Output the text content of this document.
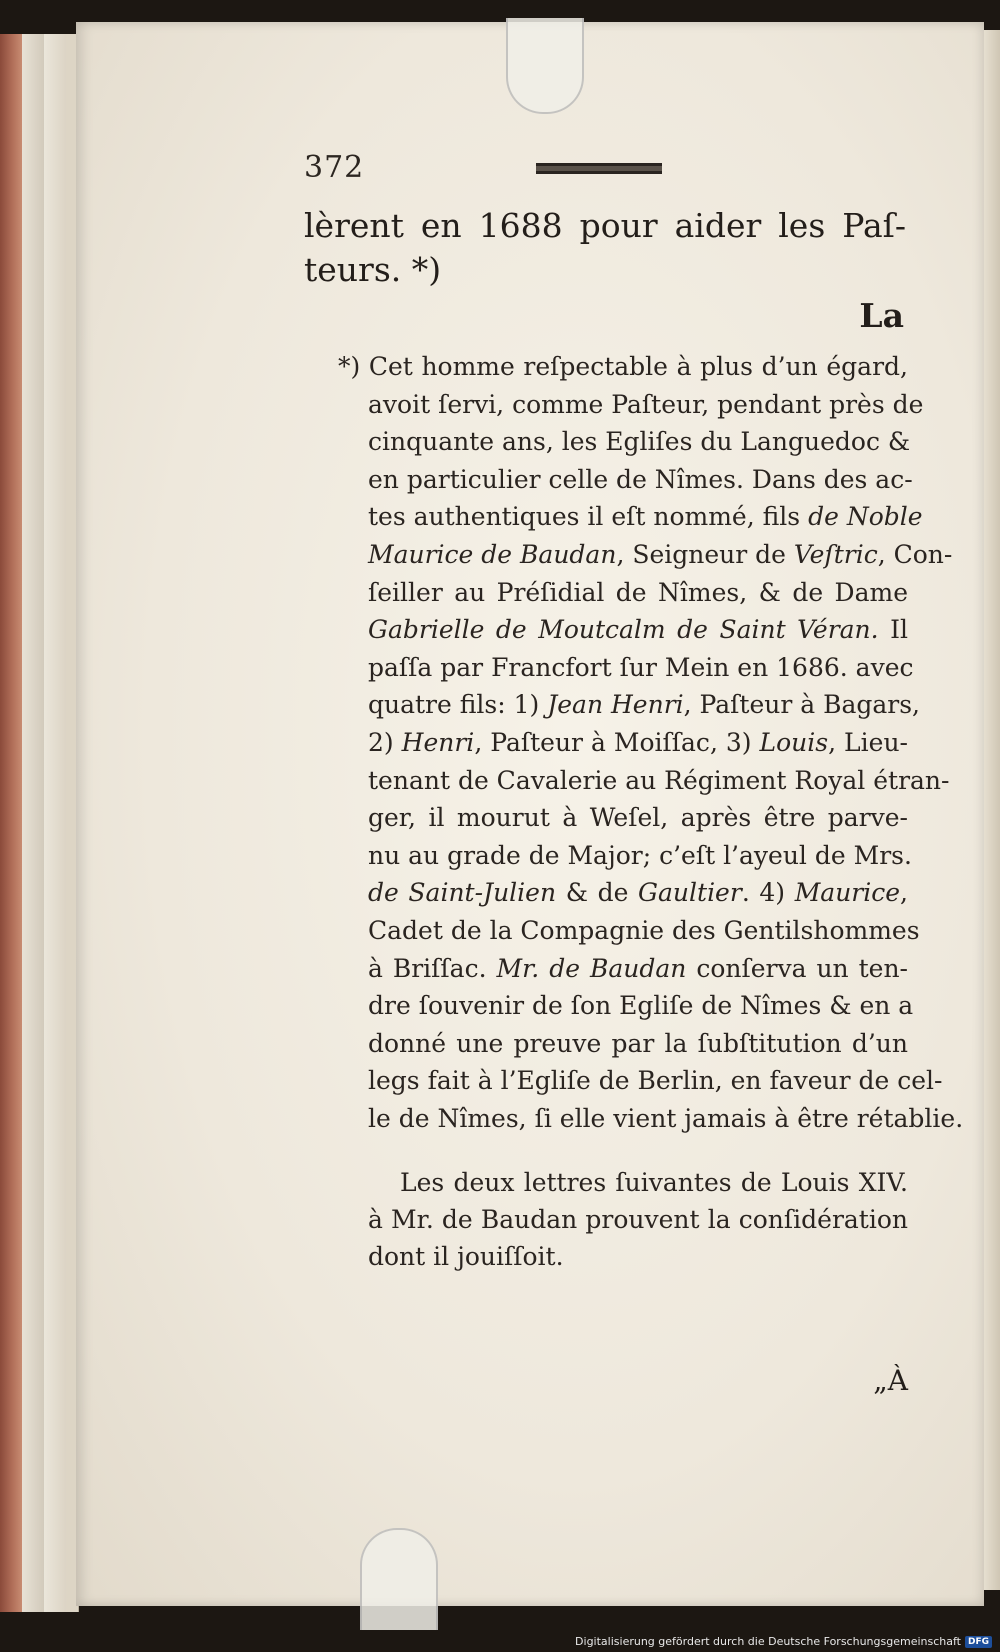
372
lèrent en 1688 pour aider les Paſ-
teurs. *)
La
*) Cet homme reſpectable à plus d’un égard,
avoit ſervi, comme Paſteur, pendant près de
cinquante ans, les Egliſes du Languedoc &
en particulier celle de Nîmes. Dans des ac-
tes authentiques il eſt nommé, fils de Noble
Maurice de Baudan, Seigneur de Veſtric, Con-
ſeiller au Préſidial de Nîmes, & de Dame
Gabrielle de Moutcalm de Saint Véran. Il
paſſa par Francfort ſur Mein en 1686. avec
quatre fils: 1) Jean Henri, Paſteur à Bagars,
2) Henri, Paſteur à Moiſſac, 3) Louis, Lieu-
tenant de Cavalerie au Régiment Royal étran-
ger, il mourut à Weſel, après être parve-
nu au grade de Major; c’eſt l’ayeul de Mrs.
de Saint-Julien & de Gaultier. 4) Maurice,
Cadet de la Compagnie des Gentilshommes
à Briſſac. Mr. de Baudan conſerva un ten-
dre ſouvenir de ſon Egliſe de Nîmes & en a
donné une preuve par la ſubſtitution d’un
legs fait à l’Egliſe de Berlin, en faveur de cel-
le de Nîmes, ſi elle vient jamais à être rétablie.
Les deux lettres ſuivantes de Louis XIV.
à Mr. de Baudan prouvent la conſidération
dont il jouiſſoit.
„À
Digitalisierung gefördert durch die Deutsche Forschungsgemeinschaft DFG
